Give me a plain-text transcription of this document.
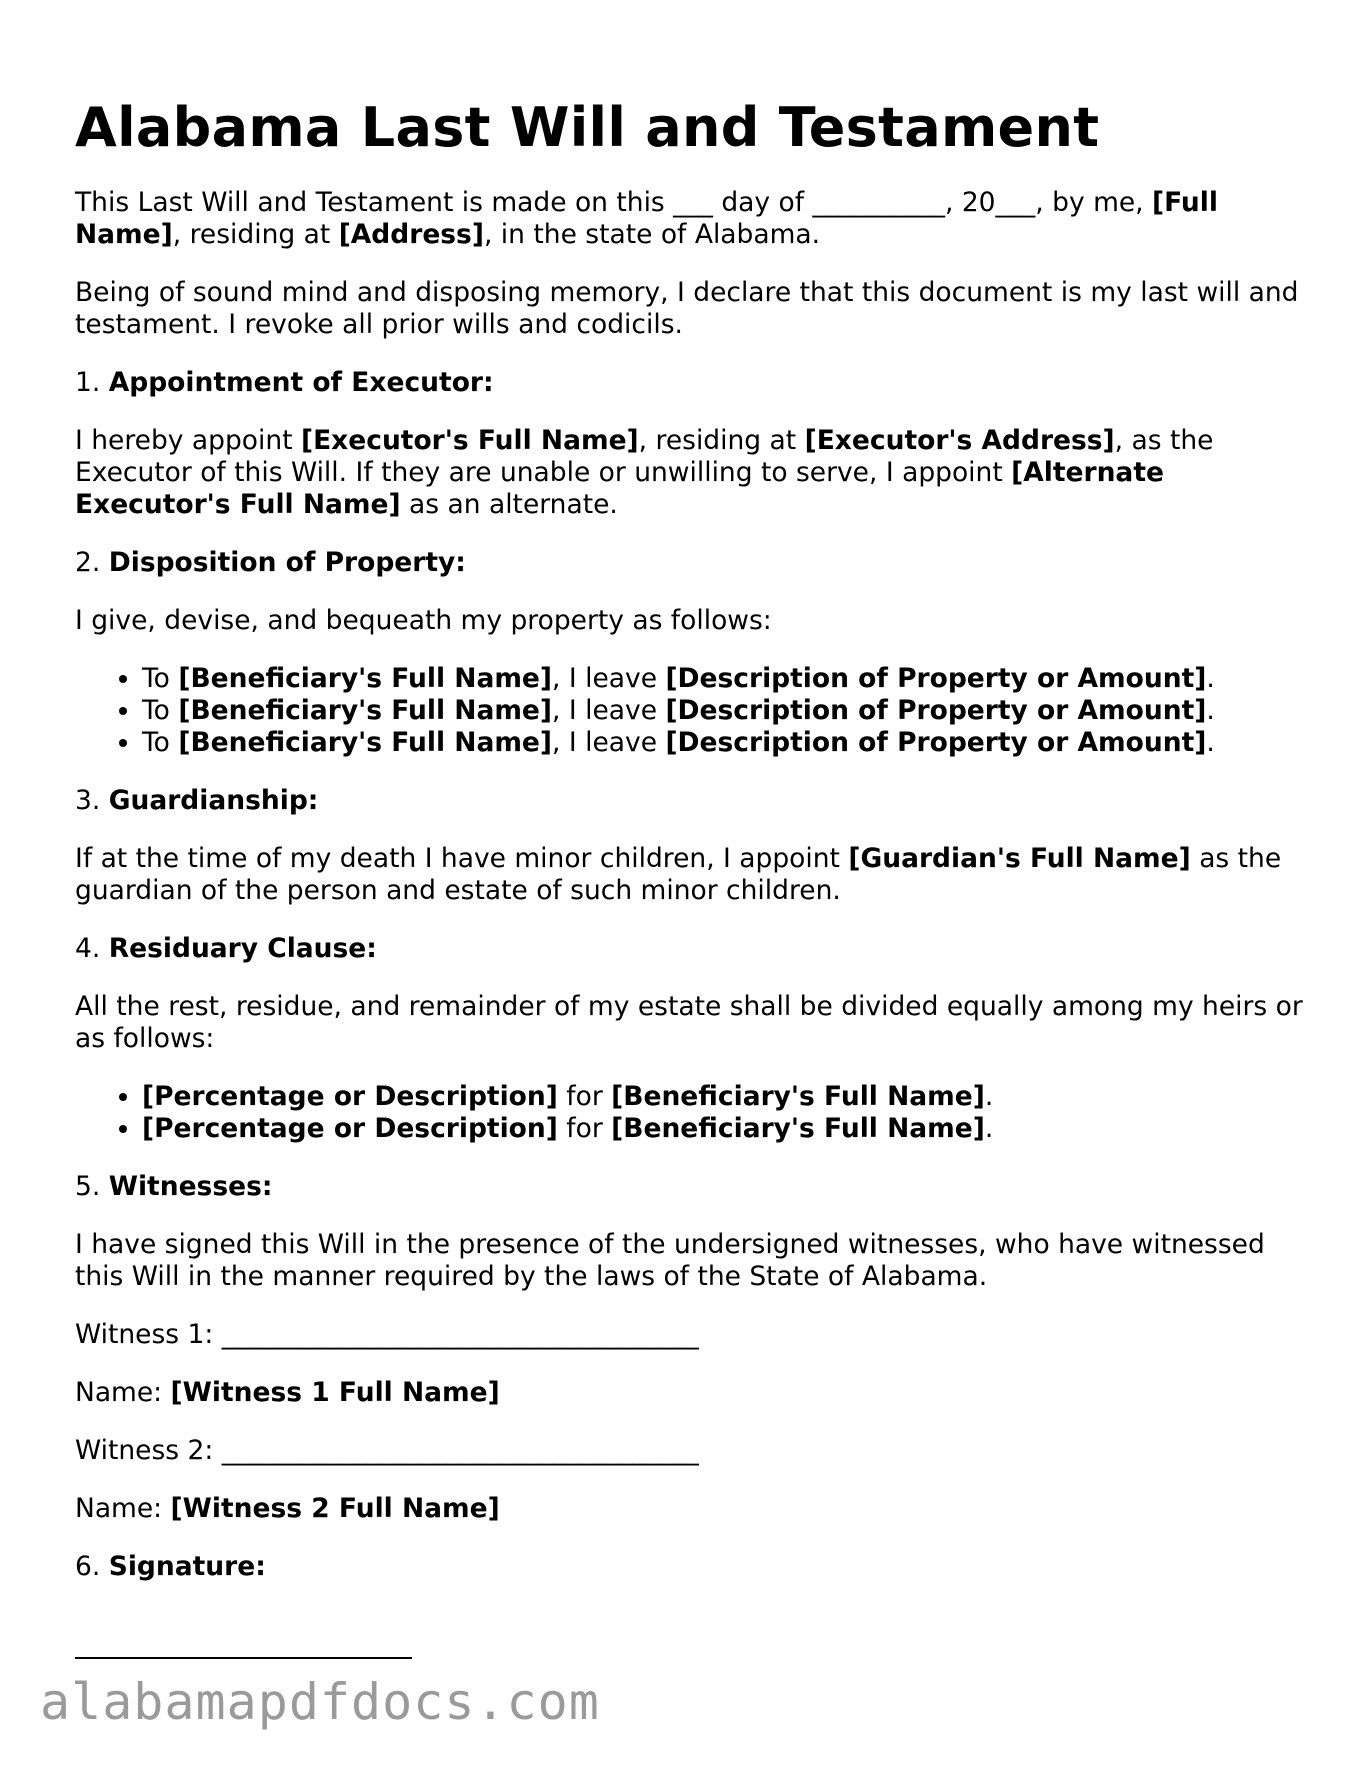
Alabama Last Will and Testament

This Last Will and Testament is made on this ___ day of __________, 20___, by me, [Full Name], residing at [Address], in the state of Alabama.

Being of sound mind and disposing memory, I declare that this document is my last will and testament. I revoke all prior wills and codicils.

1. Appointment of Executor:

I hereby appoint [Executor's Full Name], residing at [Executor's Address], as the Executor of this Will. If they are unable or unwilling to serve, I appoint [Alternate Executor's Full Name] as an alternate.

2. Disposition of Property:

I give, devise, and bequeath my property as follows:

• To [Beneficiary's Full Name], I leave [Description of Property or Amount].
• To [Beneficiary's Full Name], I leave [Description of Property or Amount].
• To [Beneficiary's Full Name], I leave [Description of Property or Amount].

3. Guardianship:

If at the time of my death I have minor children, I appoint [Guardian's Full Name] as the guardian of the person and estate of such minor children.

4. Residuary Clause:

All the rest, residue, and remainder of my estate shall be divided equally among my heirs or as follows:

• [Percentage or Description] for [Beneficiary's Full Name].
• [Percentage or Description] for [Beneficiary's Full Name].

5. Witnesses:

I have signed this Will in the presence of the undersigned witnesses, who have witnessed this Will in the manner required by the laws of the State of Alabama.

Witness 1: ____________________________________

Name: [Witness 1 Full Name]

Witness 2: ____________________________________

Name: [Witness 2 Full Name]

6. Signature:

alabamapdfdocs.com
